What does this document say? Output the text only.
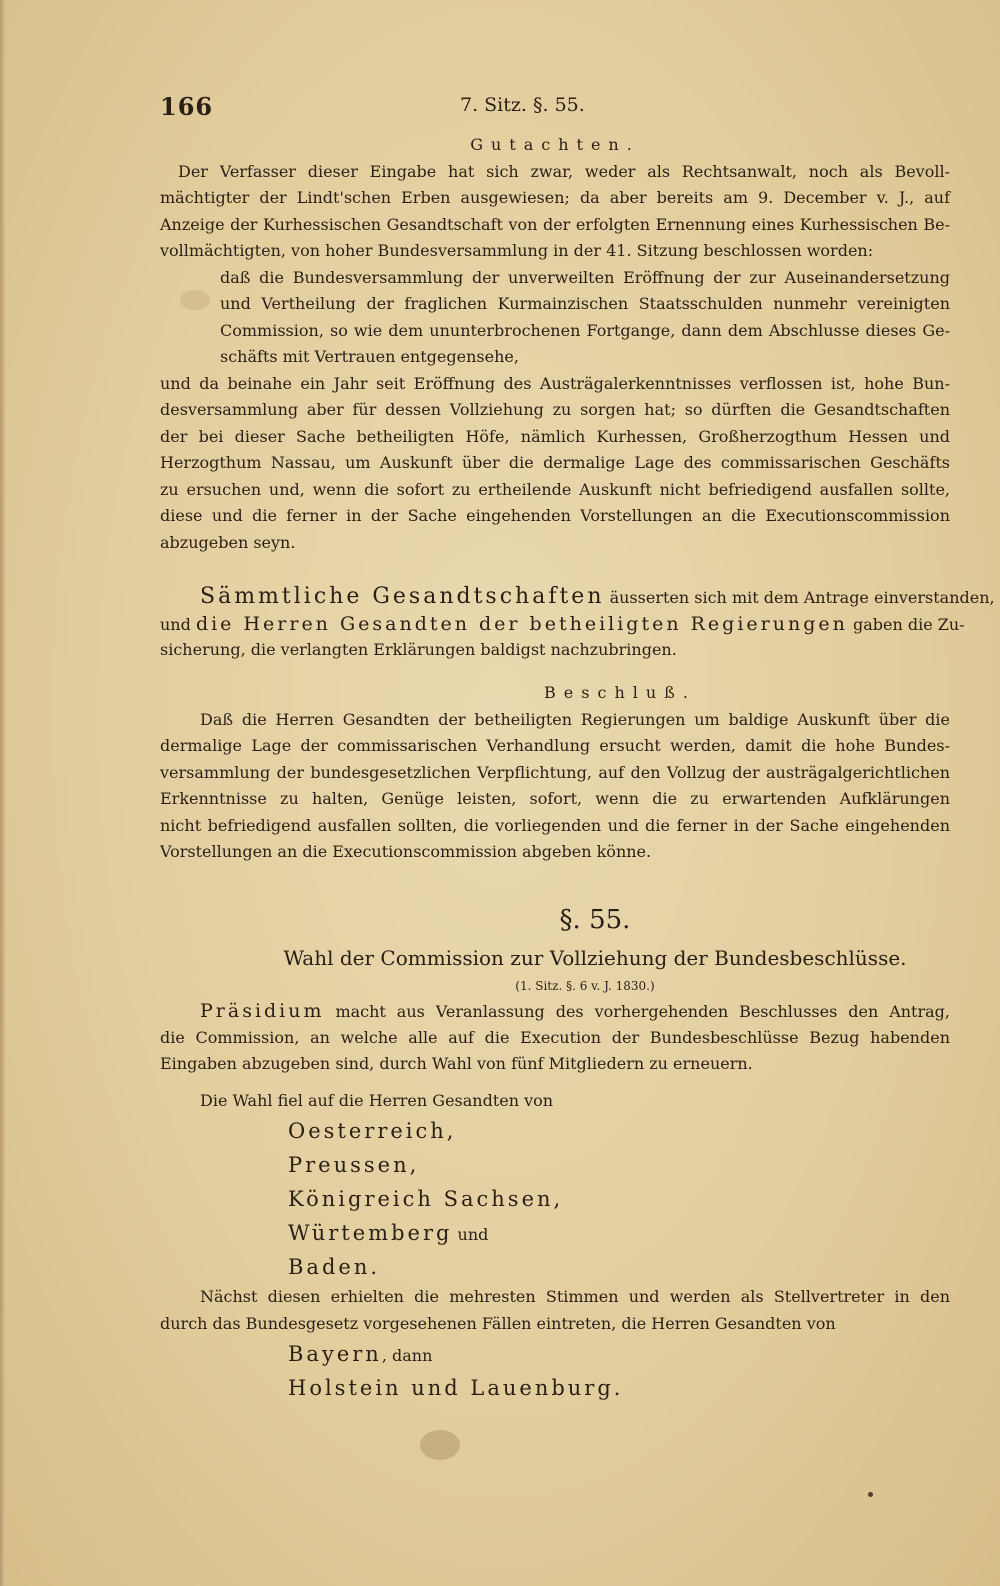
166	7. Sitz. §. 55.
Gutachten.
Der Verfasser dieser Eingabe hat sich zwar, weder als Rechtsanwalt, noch als Bevoll-
mächtigter der Lindt'schen Erben ausgewiesen; da aber bereits am 9. December v. J., auf
Anzeige der Kurhessischen Gesandtschaft von der erfolgten Ernennung eines Kurhessischen Be-
vollmächtigten, von hoher Bundesversammlung in der 41. Sitzung beschlossen worden:
daß die Bundesversammlung der unverweilten Eröffnung der zur Auseinandersetzung
und Vertheilung der fraglichen Kurmainzischen Staatsschulden nunmehr vereinigten
Commission, so wie dem ununterbrochenen Fortgange, dann dem Abschlusse dieses Ge-
schäfts mit Vertrauen entgegensehe,
und da beinahe ein Jahr seit Eröffnung des Austrägalerkenntnisses verflossen ist, hohe Bun-
desversammlung aber für dessen Vollziehung zu sorgen hat; so dürften die Gesandtschaften
der bei dieser Sache betheiligten Höfe, nämlich Kurhessen, Großherzogthum Hessen und
Herzogthum Nassau, um Auskunft über die dermalige Lage des commissarischen Geschäfts
zu ersuchen und, wenn die sofort zu ertheilende Auskunft nicht befriedigend ausfallen sollte,
diese und die ferner in der Sache eingehenden Vorstellungen an die Executionscommission
abzugeben seyn.
Sämmtliche Gesandtschaften äusserten sich mit dem Antrage einverstanden,
und die Herren Gesandten der betheiligten Regierungen gaben die Zu-
sicherung, die verlangten Erklärungen baldigst nachzubringen.
Beschluß.
Daß die Herren Gesandten der betheiligten Regierungen um baldige Auskunft über die
dermalige Lage der commissarischen Verhandlung ersucht werden, damit die hohe Bundes-
versammlung der bundesgesetzlichen Verpflichtung, auf den Vollzug der austrägalgerichtlichen
Erkenntnisse zu halten, Genüge leisten, sofort, wenn die zu erwartenden Aufklärungen
nicht befriedigend ausfallen sollten, die vorliegenden und die ferner in der Sache eingehenden
Vorstellungen an die Executionscommission abgeben könne.
§. 55.
Wahl der Commission zur Vollziehung der Bundesbeschlüsse.
(1. Sitz. §. 6 v. J. 1830.)
Präsidium macht aus Veranlassung des vorhergehenden Beschlusses den Antrag,
die Commission, an welche alle auf die Execution der Bundesbeschlüsse Bezug habenden
Eingaben abzugeben sind, durch Wahl von fünf Mitgliedern zu erneuern.
Die Wahl fiel auf die Herren Gesandten von
Oesterreich,
Preussen,
Königreich Sachsen,
Würtemberg und
Baden.
Nächst diesen erhielten die mehresten Stimmen und werden als Stellvertreter in den
durch das Bundesgesetz vorgesehenen Fällen eintreten, die Herren Gesandten von
Bayern, dann
Holstein und Lauenburg.
